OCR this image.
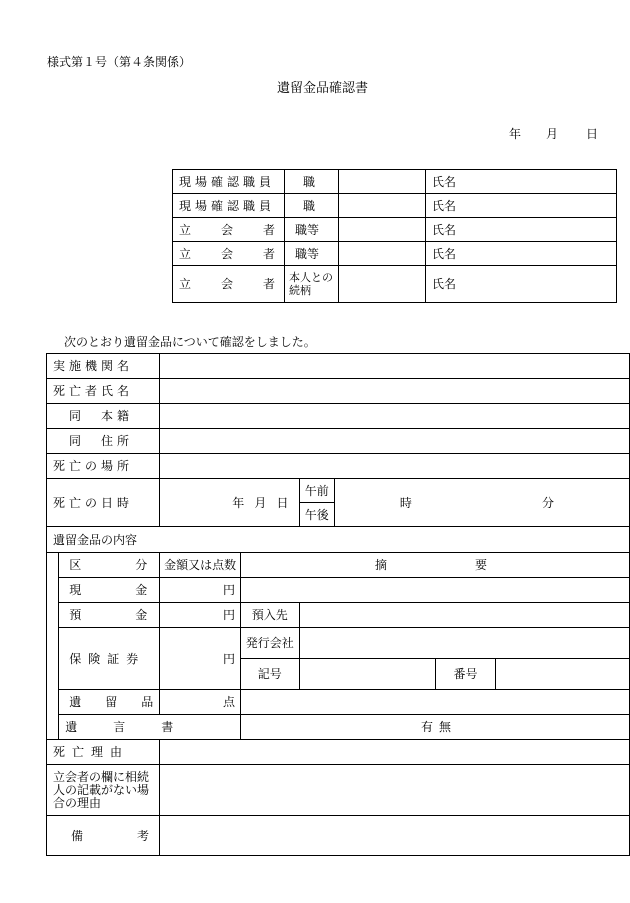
様式第１号（第４条関係）
遺留金品確認書
年 月 日
現場確認職員	職		氏名
現場確認職員	職		氏名
立　会　者	職等		氏名
立　会　者	職等		氏名
立　会　者	本人との続柄		氏名
次のとおり遺留金品について確認をしました。
実施機関名							
死亡者氏名							
同　本籍							
同　住所							
死亡の場所							
死亡の日時		年 月 日		午前	時 分		

				午後			
遺留金品の内容							
	区　　分	金額又は点数	摘　　　　要				
	現　　金	円					
	預　　金	円	預入先				
	保険証券	円	発行会社				
			記号			番号	
	遺　留　品	点					
	遺　言　書		有 無				

死亡理由							
立会者の欄に相続人の記載がない場合の理由							
備　　考							
